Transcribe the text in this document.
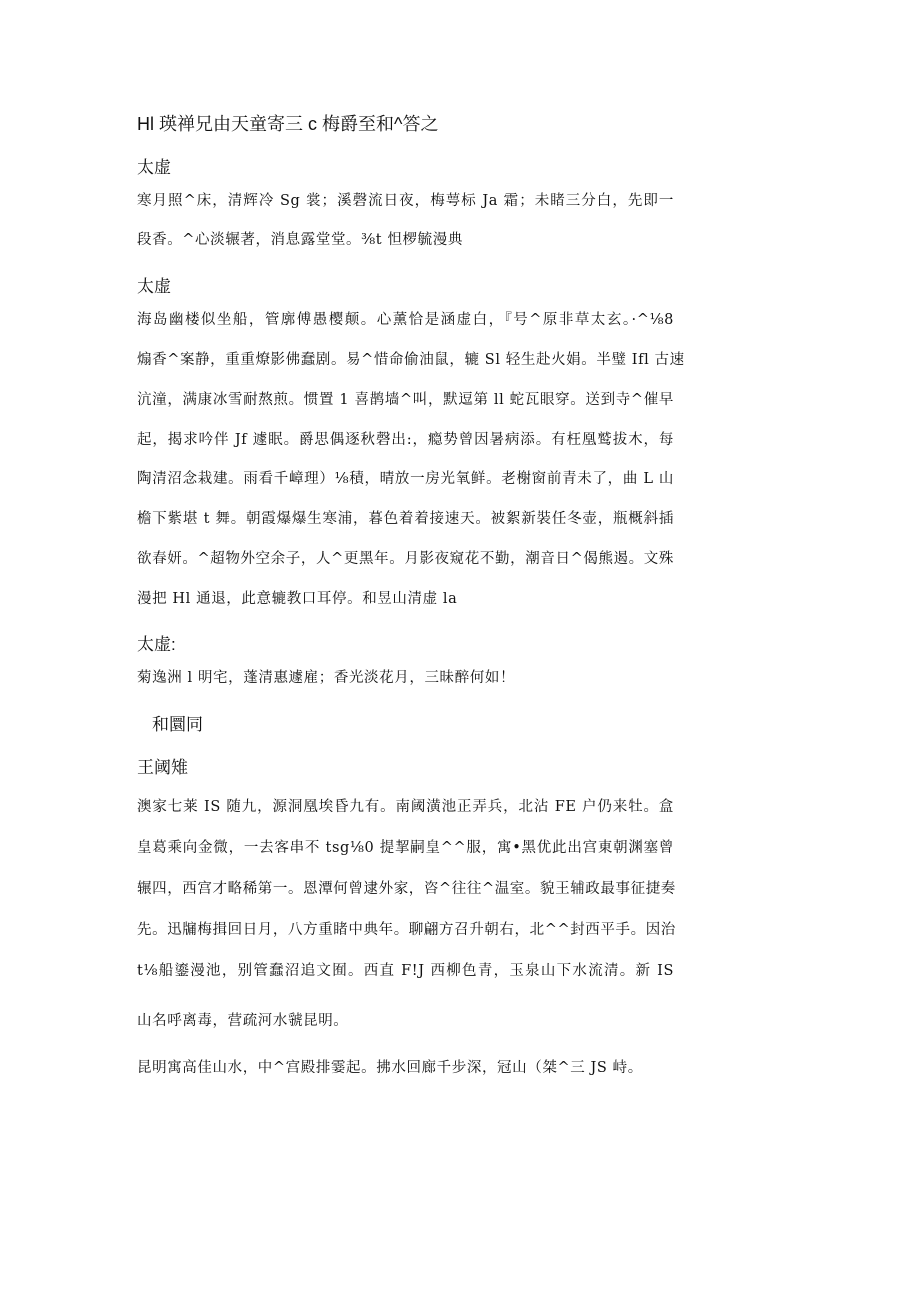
Hl 瑛禅兄由天童寄三 c 梅爵至和^答之
太虚
寒月照^床，清辉冷 Sg 裳；溪磬流日夜，梅萼标 Ja 霜；未睹三分白，先即一
段香。^心淡辗著，消息露堂堂。⅜t 怛椤毓漫典
太虚
海岛幽楼似坐船，管廓傅愚樱颠。心薰恰是涵虚白，『号^原非草太玄。·^⅛8
煽香^案静，重重燎影佛蠢剧。易^惜命偷油鼠，辘 Sl 轻生赴火娟。半璧 Ifl 古速
沆潼，满康冰雪耐熬煎。惯置 1 喜鹊墙^叫，默逗第 ll 蛇瓦眼穿。送到寺^催早
起，揭求吟伴 Jf 遽眠。爵思偶逐秋磬出:，瘾势曾因暑病添。有枉凰鹫拔木，每
陶清沼念栽建。雨看千嶂理）⅛積，晴放一房光氧鲜。老榭窗前青未了，曲 L 山
檐下紫堪 t 舞。朝霞爆爆生寒浦，暮色着着接速天。被絮新裝任冬壶，瓶概斜插
欲春妍。^超物外空余子，人^更黑年。月影夜窥花不勤，潮音日^偈熊遏。文殊
漫把 Hl 通退，此意辘教口耳停。和昱山清虚 la
太虚:
菊逸洲 l 明宅，蓬清惠遽雇；香光淡花月，三昧醉何如！
和圜同
王阈雉
澳家七莱 IS 随九，源洞凰埃昏九有。南阈潢池正弄兵，北沾 FE 户仍来牡。盒
皇葛乘向金微，一去客串不 tsg⅛0 提挈嗣皇^^服，寓•黑优此出宫東朝渊塞曾
辗四，西宫才略稀第一。恩潭何曾逮外家，咨^往往^温室。貌王辅政最事征捷奏
先。迅牖梅揖回日月，八方重睹中典年。聊翩方召升朝右，北^^封西平手。因治
t⅛船鎏漫池，别管蠢沼追文囿。西直 F!J 西柳色青，玉泉山下水流清。新 IS
山名呼离毒，营疏河水虢昆明。
昆明寓高佳山水，中^宫殿排霎起。拂水回廊千步深，冠山（桀^三 JS 峙。
